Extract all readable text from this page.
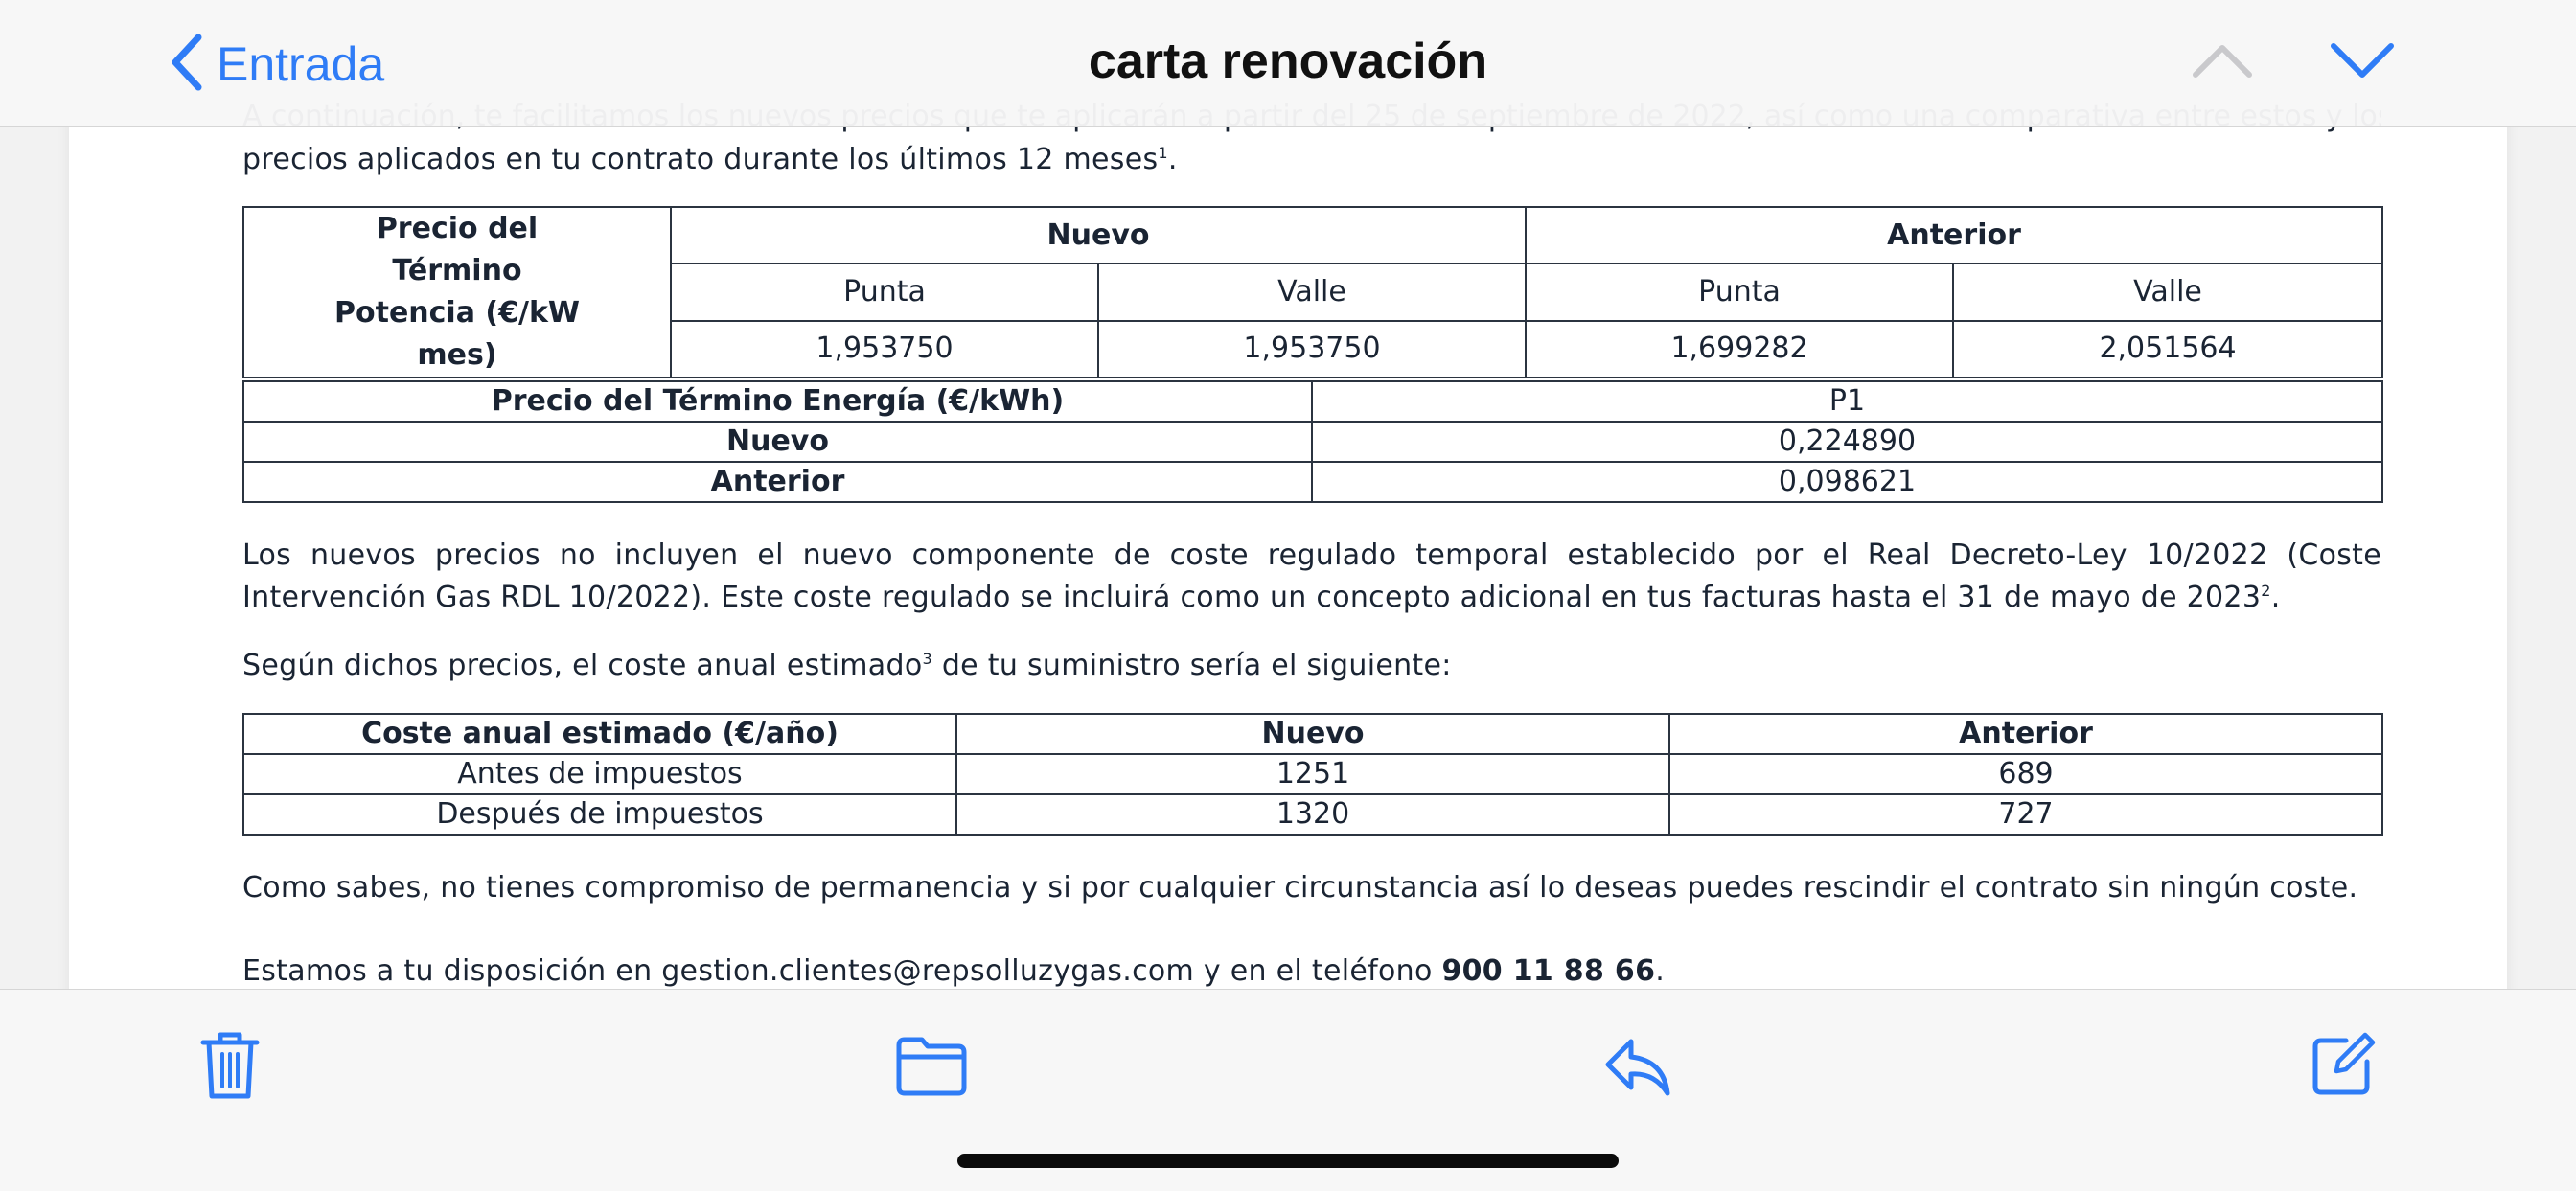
precios aplicados en tu contrato durante los últimos 12 meses$^1$.
Precio del Término Potencia (€/kW mes)	Nuevo		Anterior	
	Punta	Valle	Punta	Valle
	1,953750	1,953750	1,699282	2,051564
Precio del Término Energía (€/kWh)	P1
Nuevo	0,224890
Anterior	0,098621
Los nuevos precios no incluyen el nuevo componente de coste regulado temporal establecido por el Real Decreto-Ley 10/2022 (Coste Intervención Gas RDL 10/2022). Este coste regulado se incluirá como un concepto adicional en tus facturas hasta el 31 de mayo de 2023$^2$.
Según dichos precios, el coste anual estimado$^3$ de tu suministro sería el siguiente:
Coste anual estimado (€/año)	Nuevo	Anterior
Antes de impuestos	1251	689
Después de impuestos	1320	727
Como sabes, no tienes compromiso de permanencia y si por cualquier circunstancia así lo deseas puedes rescindir el contrato sin ningún coste.
Estamos a tu disposición en gestion.clientes@repsolluzygas.com y en el teléfono 900 11 88 66.
Entrada	carta renovación
